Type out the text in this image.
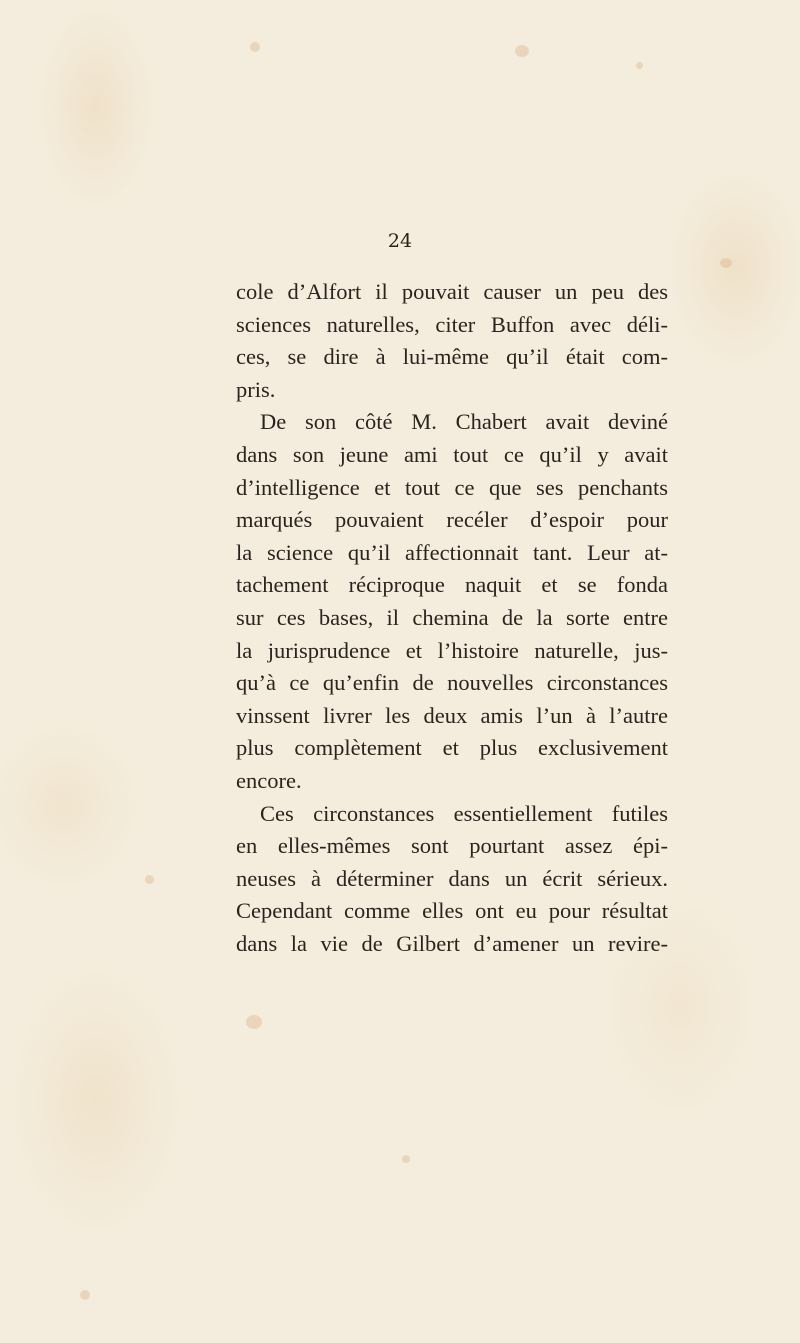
24

cole d’Alfort il pouvait causer un peu des
sciences naturelles, citer Buffon avec déli-
ces, se dire à lui-même qu’il était com-
pris.
De son côté M. Chabert avait deviné
dans son jeune ami tout ce qu’il y avait
d’intelligence et tout ce que ses penchants
marqués pouvaient recéler d’espoir pour
la science qu’il affectionnait tant. Leur at-
tachement réciproque naquit et se fonda
sur ces bases, il chemina de la sorte entre
la jurisprudence et l’histoire naturelle, jus-
qu’à ce qu’enfin de nouvelles circonstances
vinssent livrer les deux amis l’un à l’autre
plus complètement et plus exclusivement
encore.
Ces circonstances essentiellement futiles
en elles-mêmes sont pourtant assez épi-
neuses à déterminer dans un écrit sérieux.
Cependant comme elles ont eu pour résultat
dans la vie de Gilbert d’amener un revire-
